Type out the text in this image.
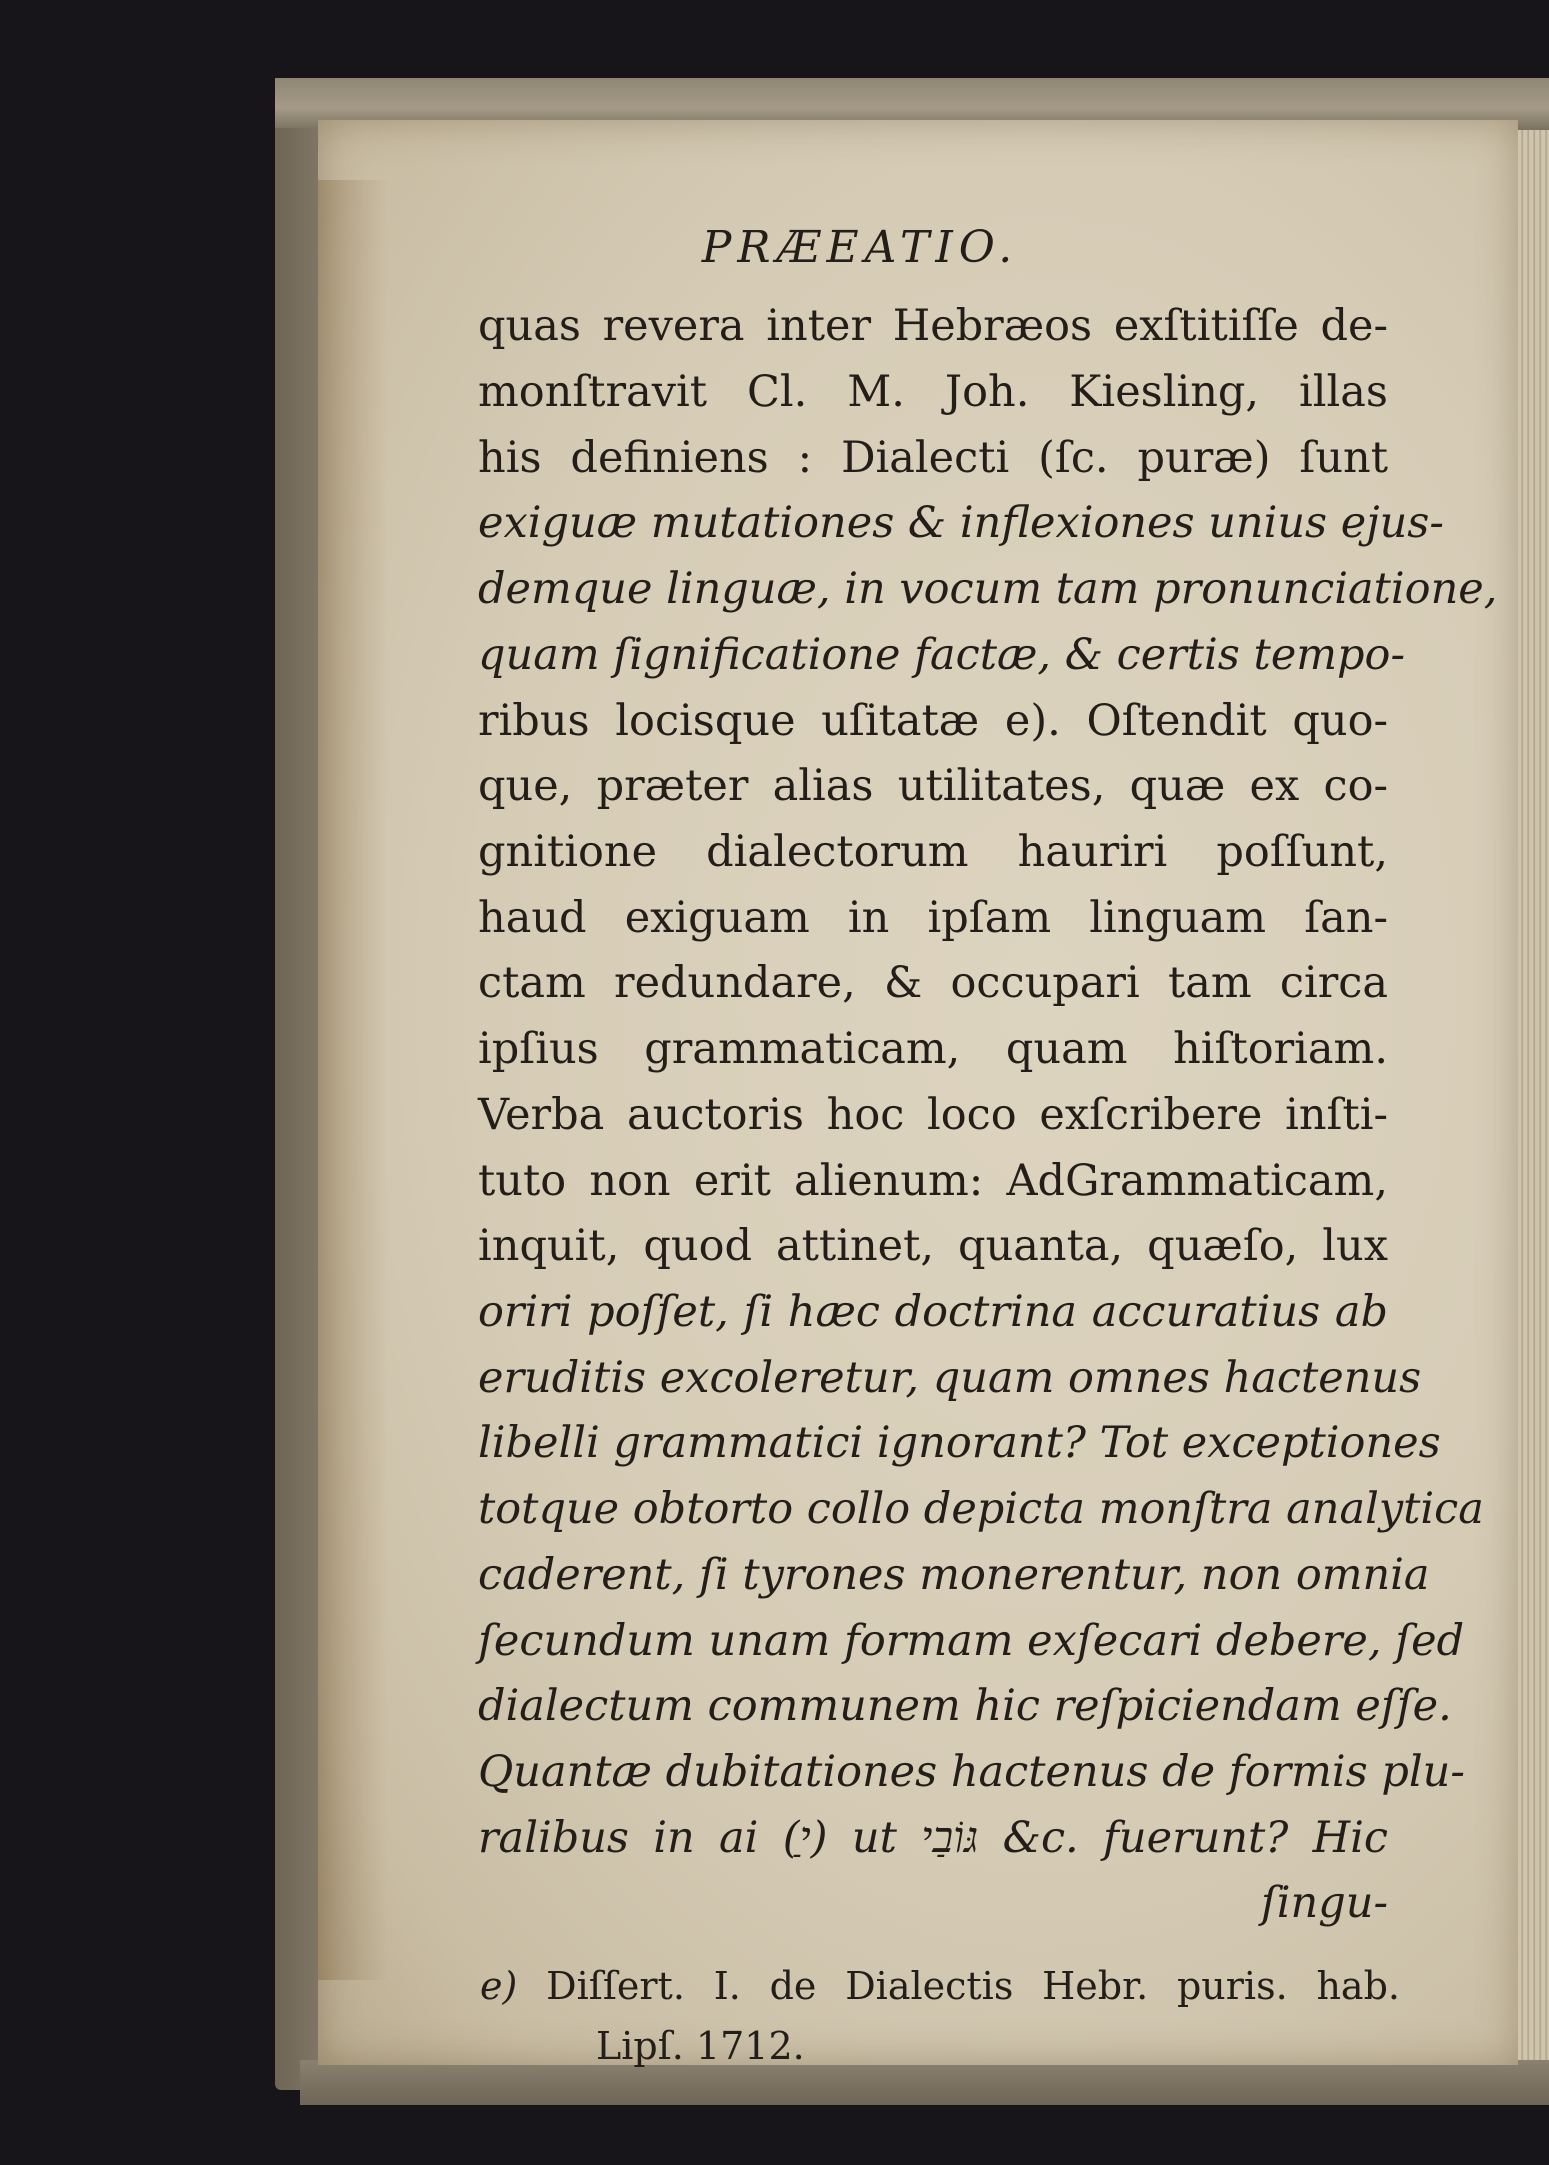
PRÆEATIO.
quas revera inter Hebræos exſtitiſſe de-
monſtravit Cl. M. Joh. Kiesling, illas
his definiens : Dialecti (ſc. puræ) ſunt
exiguæ mutationes & inflexiones unius ejus-
demque linguæ, in vocum tam pronunciatione,
quam ſignificatione factæ, & certis tempo-
ribus locisque uſitatæ e). Oſtendit quo-
que, præter alias utilitates, quæ ex co-
gnitione dialectorum hauriri poſſunt,
haud exiguam in ipſam linguam ſan-
ctam redundare, & occupari tam circa
ipſius grammaticam, quam hiſtoriam.
Verba auctoris hoc loco exſcribere inſti-
tuto non erit alienum: AdGrammaticam,
inquit, quod attinet, quanta, quæſo, lux
oriri poſſet, ſi hæc doctrina accuratius ab
eruditis excoleretur, quam omnes hactenus
libelli grammatici ignorant? Tot exceptiones
totque obtorto collo depicta monſtra analytica
caderent, ſi tyrones monerentur, non omnia
ſecundum unam formam exſecari debere, ſed
dialectum communem hic reſpiciendam eſſe.
Quantæ dubitationes hactenus de formis plu-
ralibus in ai (ַי) ut גּוֹבַי &c. fuerunt? Hic
ſingu-
e) Diſſert. I. de Dialectis Hebr. puris. hab.
Lipſ. 1712.
